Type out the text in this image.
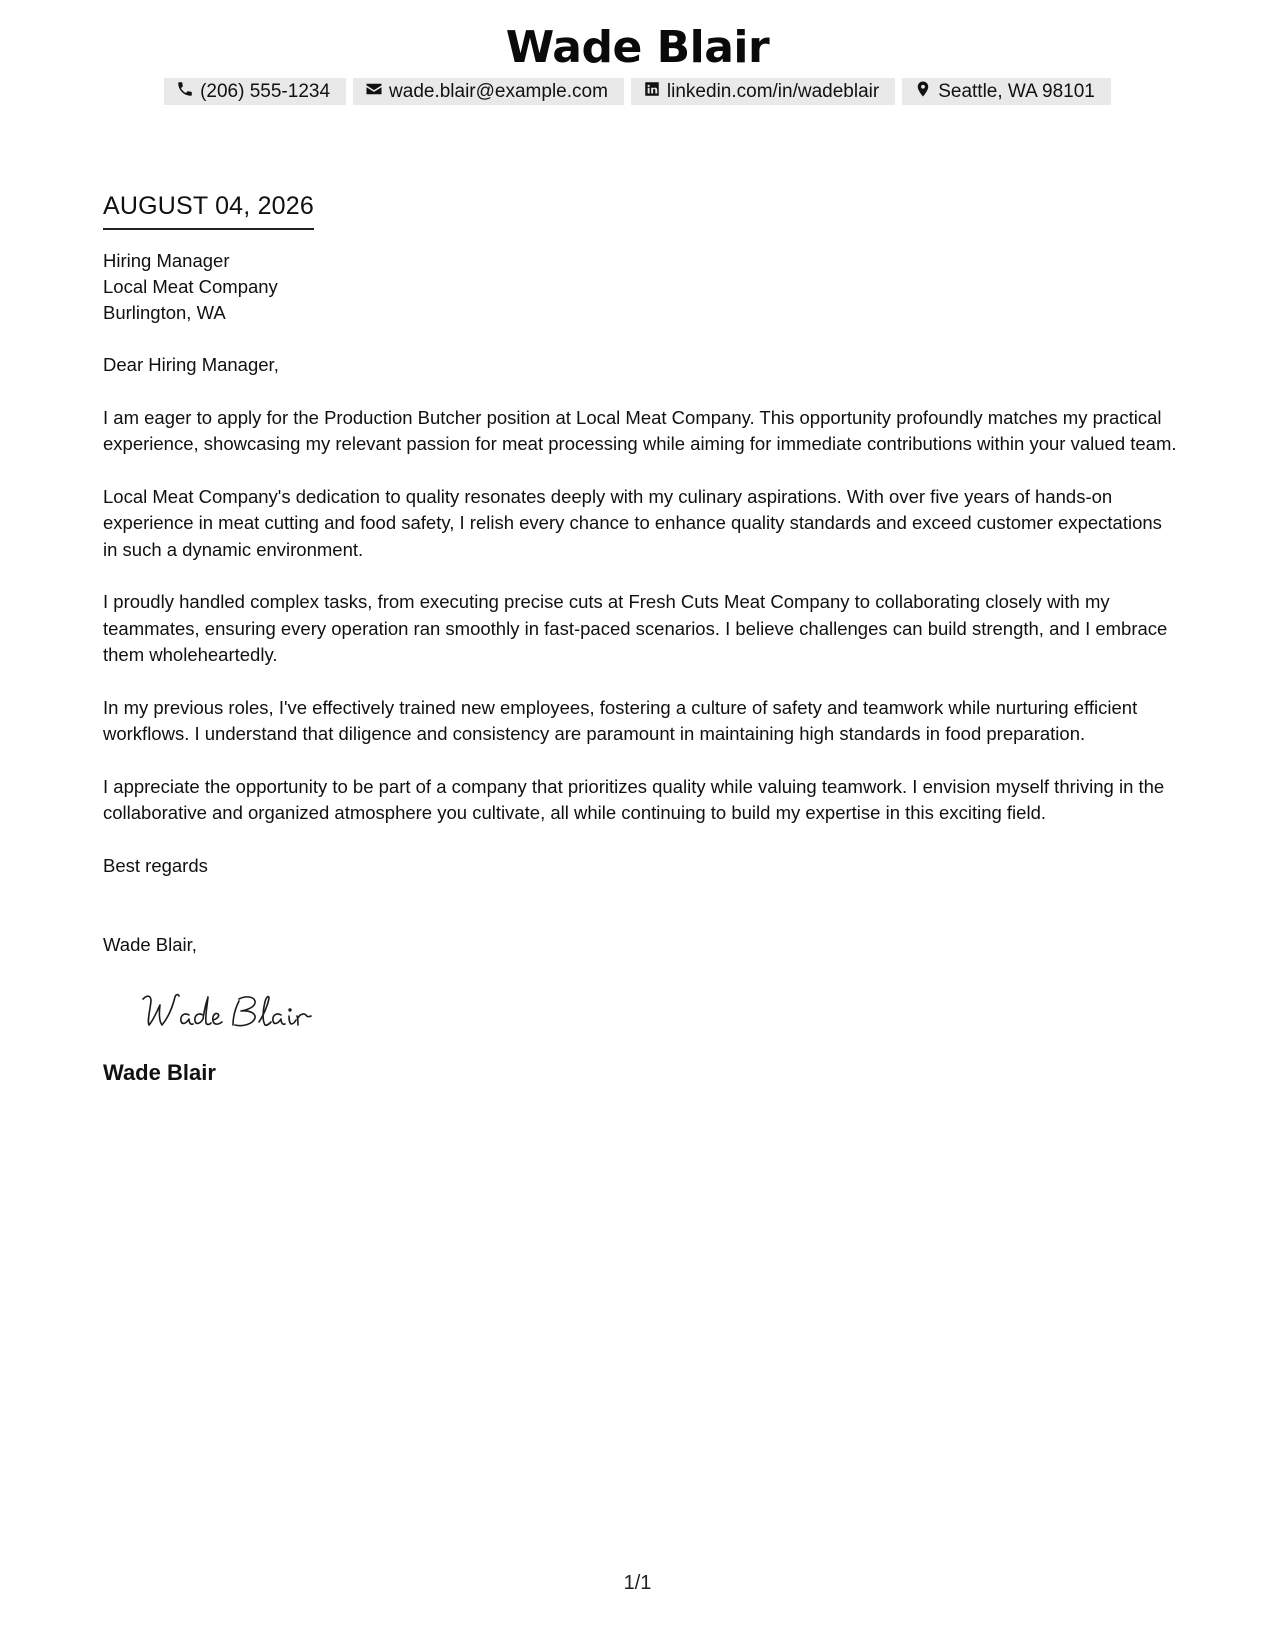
Wade Blair
(206) 555-1234	wade.blair@example.com	linkedin.com/in/wadeblair	Seattle, WA 98101
AUGUST 04, 2026
Hiring Manager
Local Meat Company
Burlington, WA
Dear Hiring Manager,

I am eager to apply for the Production Butcher position at Local Meat Company. This opportunity profoundly matches my practical experience, showcasing my relevant passion for meat processing while aiming for immediate contributions within your valued team.

Local Meat Company's dedication to quality resonates deeply with my culinary aspirations. With over five years of hands-on experience in meat cutting and food safety, I relish every chance to enhance quality standards and exceed customer expectations in such a dynamic environment.

I proudly handled complex tasks, from executing precise cuts at Fresh Cuts Meat Company to collaborating closely with my teammates, ensuring every operation ran smoothly in fast-paced scenarios. I believe challenges can build strength, and I embrace them wholeheartedly.

In my previous roles, I've effectively trained new employees, fostering a culture of safety and teamwork while nurturing efficient workflows. I understand that diligence and consistency are paramount in maintaining high standards in food preparation.

I appreciate the opportunity to be part of a company that prioritizes quality while valuing teamwork. I envision myself thriving in the collaborative and organized atmosphere you cultivate, all while continuing to build my expertise in this exciting field.

Best regards
Wade Blair,
Wade Blair
1/1
